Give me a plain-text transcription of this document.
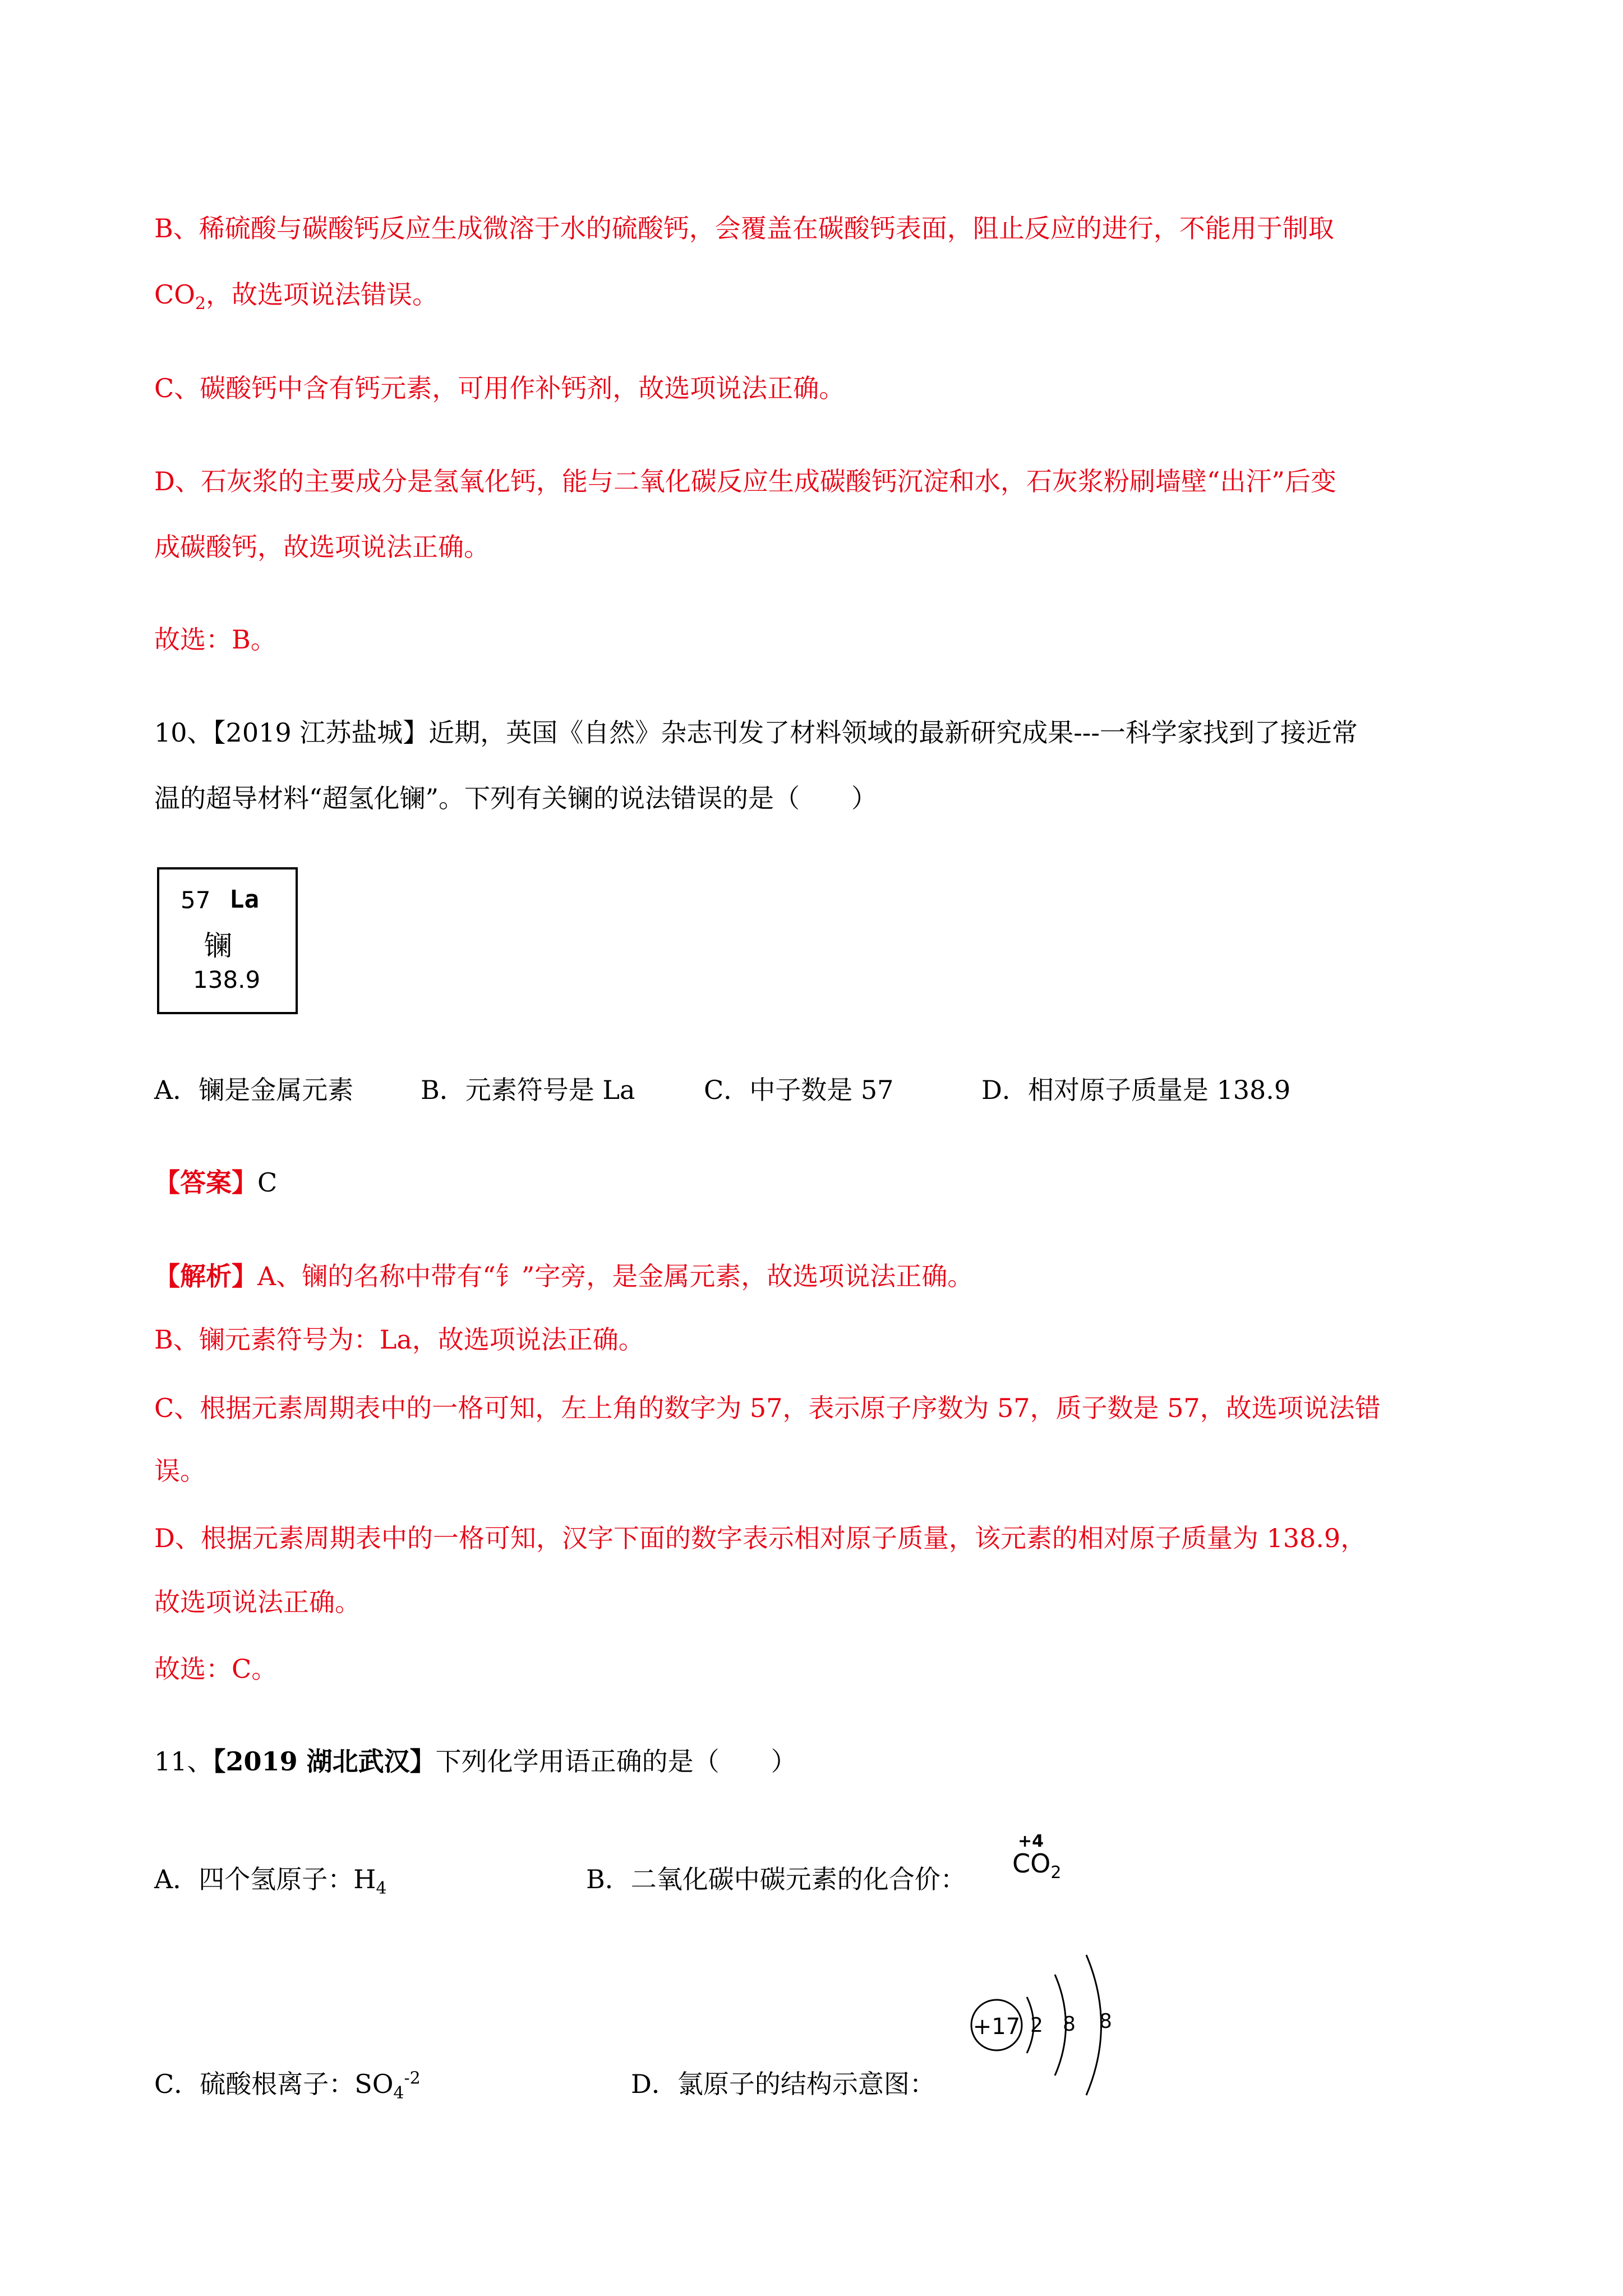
B、稀硫酸与碳酸钙反应生成微溶于水的硫酸钙，会覆盖在碳酸钙表面，阻止反应的进行，不能用于制取
$CO_2$，故选项说法错误。
C、碳酸钙中含有钙元素，可用作补钙剂，故选项说法正确。
D、石灰浆的主要成分是氢氧化钙，能与二氧化碳反应生成碳酸钙沉淀和水，石灰浆粉刷墙壁“出汗”后变
成碳酸钙，故选项说法正确。
故选：B。
10、【2019 江苏盐城】近期，英国《自然》杂志刊发了材料领域的最新研究成果---一科学家找到了接近常
温的超导材料“超氢化镧”。下列有关镧的说法错误的是（　　）
57 La
镧
138.9
A．镧是金属元素	B．元素符号是 La	C．中子数是 57	D．相对原子质量是 138.9
【答案】C
【解析】A、镧的名称中带有“钅”字旁，是金属元素，故选项说法正确。
B、镧元素符号为：La，故选项说法正确。
C、根据元素周期表中的一格可知，左上角的数字为 57，表示原子序数为 57，质子数是 57，故选项说法错
误。
D、根据元素周期表中的一格可知，汉字下面的数字表示相对原子质量，该元素的相对原子质量为 138.9，
故选项说法正确。
故选：C。
11、【2019 湖北武汉】下列化学用语正确的是（　　）
A．四个氢原子：$H_4$	B．二氧化碳中碳元素的化合价：
+4
$CO_2$
C．硫酸根离子：$SO_4^{-2}$	D．氯原子的结构示意图：
+17 2 8 8
